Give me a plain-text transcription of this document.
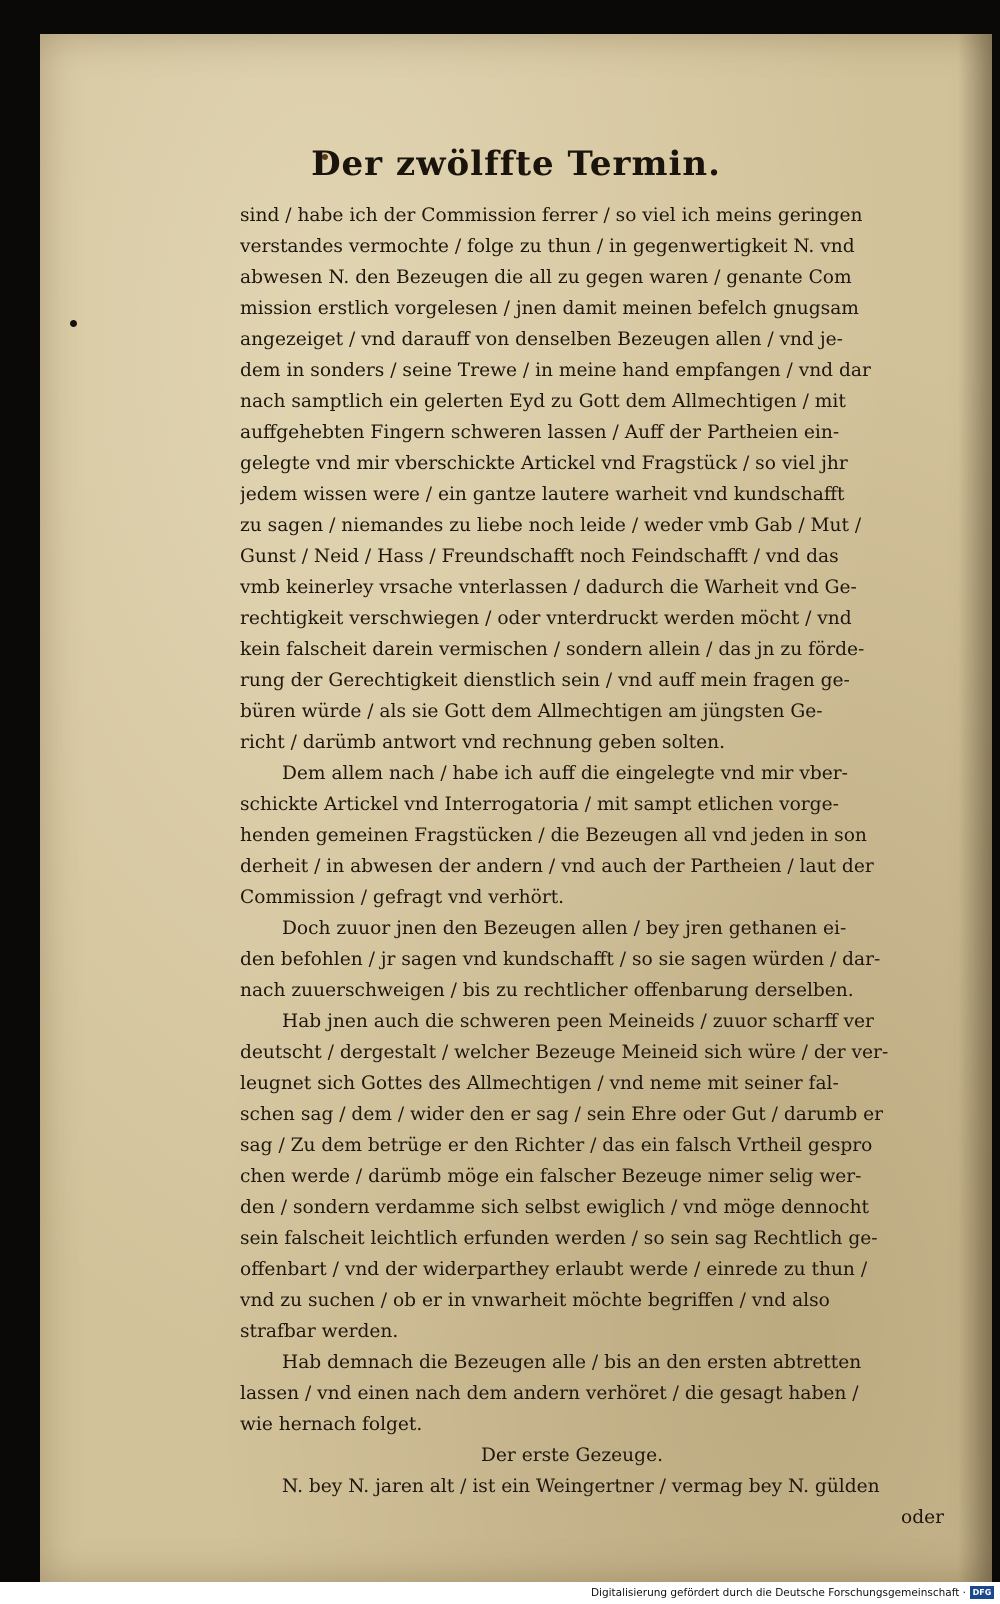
Der zwölffte Termin.
sind / habe ich der Commission ferrer / so viel ich meins geringen
verstandes vermochte / folge zu thun / in gegenwertigkeit N. vnd
abwesen N. den Bezeugen die all zu gegen waren / genante Com
mission erstlich vorgelesen / jnen damit meinen befelch gnugsam
angezeiget / vnd darauff von denselben Bezeugen allen / vnd je-
dem in sonders / seine Trewe / in meine hand empfangen / vnd dar
nach samptlich ein gelerten Eyd zu Gott dem Allmechtigen / mit
auffgehebten Fingern schweren lassen / Auff der Partheien ein-
gelegte vnd mir vberschickte Artickel vnd Fragstück / so viel jhr
jedem wissen were / ein gantze lautere warheit vnd kundschafft
zu sagen / niemandes zu liebe noch leide / weder vmb Gab / Mut /
Gunst / Neid / Hass / Freundschafft noch Feindschafft / vnd das
vmb keinerley vrsache vnterlassen / dadurch die Warheit vnd Ge-
rechtigkeit verschwiegen / oder vnterdruckt werden möcht / vnd
kein falscheit darein vermischen / sondern allein / das jn zu förde-
rung der Gerechtigkeit dienstlich sein / vnd auff mein fragen ge-
büren würde / als sie Gott dem Allmechtigen am jüngsten Ge-
richt / darümb antwort vnd rechnung geben solten.
Dem allem nach / habe ich auff die eingelegte vnd mir vber-
schickte Artickel vnd Interrogatoria / mit sampt etlichen vorge-
henden gemeinen Fragstücken / die Bezeugen all vnd jeden in son
derheit / in abwesen der andern / vnd auch der Partheien / laut der
Commission / gefragt vnd verhört.
Doch zuuor jnen den Bezeugen allen / bey jren gethanen ei-
den befohlen / jr sagen vnd kundschafft / so sie sagen würden / dar-
nach zuuerschweigen / bis zu rechtlicher offenbarung derselben.
Hab jnen auch die schweren peen Meineids / zuuor scharff ver
deutscht / dergestalt / welcher Bezeuge Meineid sich würe / der ver-
leugnet sich Gottes des Allmechtigen / vnd neme mit seiner fal-
schen sag / dem / wider den er sag / sein Ehre oder Gut / darumb er
sag / Zu dem betrüge er den Richter / das ein falsch Vrtheil gespro
chen werde / darümb möge ein falscher Bezeuge nimer selig wer-
den / sondern verdamme sich selbst ewiglich / vnd möge dennocht
sein falscheit leichtlich erfunden werden / so sein sag Rechtlich ge-
offenbart / vnd der widerparthey erlaubt werde / einrede zu thun /
vnd zu suchen / ob er in vnwarheit möchte begriffen / vnd also
strafbar werden.
Hab demnach die Bezeugen alle / bis an den ersten abtretten
lassen / vnd einen nach dem andern verhöret / die gesagt haben /
wie hernach folget.
Der erste Gezeuge.
N. bey N. jaren alt / ist ein Weingertner / vermag bey N. gülden
oder
Digitalisierung gefördert durch die Deutsche Forschungsgemeinschaft · DFG
